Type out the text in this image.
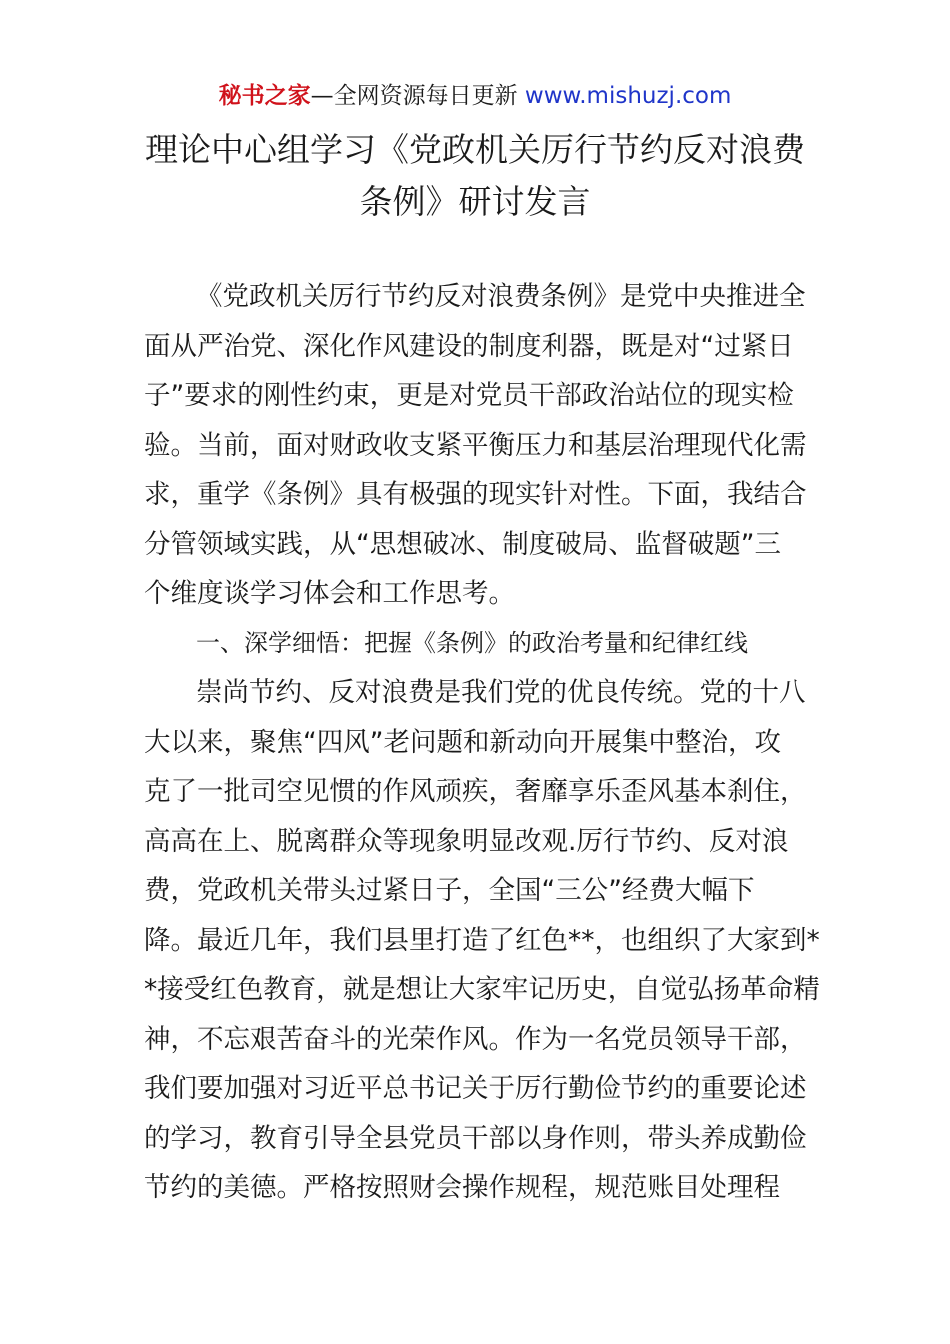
秘书之家—全网资源每日更新 www.mishuzj.com
理论中心组学习《党政机关厉行节约反对浪费
条例》研讨发言
《党政机关厉行节约反对浪费条例》是党中央推进全
面从严治党、深化作风建设的制度利器，既是对“过紧日
子”要求的刚性约束，更是对党员干部政治站位的现实检
验。当前，面对财政收支紧平衡压力和基层治理现代化需
求，重学《条例》具有极强的现实针对性。下面，我结合
分管领域实践，从“思想破冰、制度破局、监督破题”三
个维度谈学习体会和工作思考。
一、深学细悟：把握《条例》的政治考量和纪律红线
崇尚节约、反对浪费是我们党的优良传统。党的十八
大以来，聚焦“四风”老问题和新动向开展集中整治，攻
克了一批司空见惯的作风顽疾，奢靡享乐歪风基本刹住，
高高在上、脱离群众等现象明显改观.厉行节约、反对浪
费，党政机关带头过紧日子，全国“三公”经费大幅下
降。最近几年，我们县里打造了红色**，也组织了大家到*
*接受红色教育，就是想让大家牢记历史，自觉弘扬革命精
神，不忘艰苦奋斗的光荣作风。作为一名党员领导干部，
我们要加强对习近平总书记关于厉行勤俭节约的重要论述
的学习，教育引导全县党员干部以身作则，带头养成勤俭
节约的美德。严格按照财会操作规程，规范账目处理程
